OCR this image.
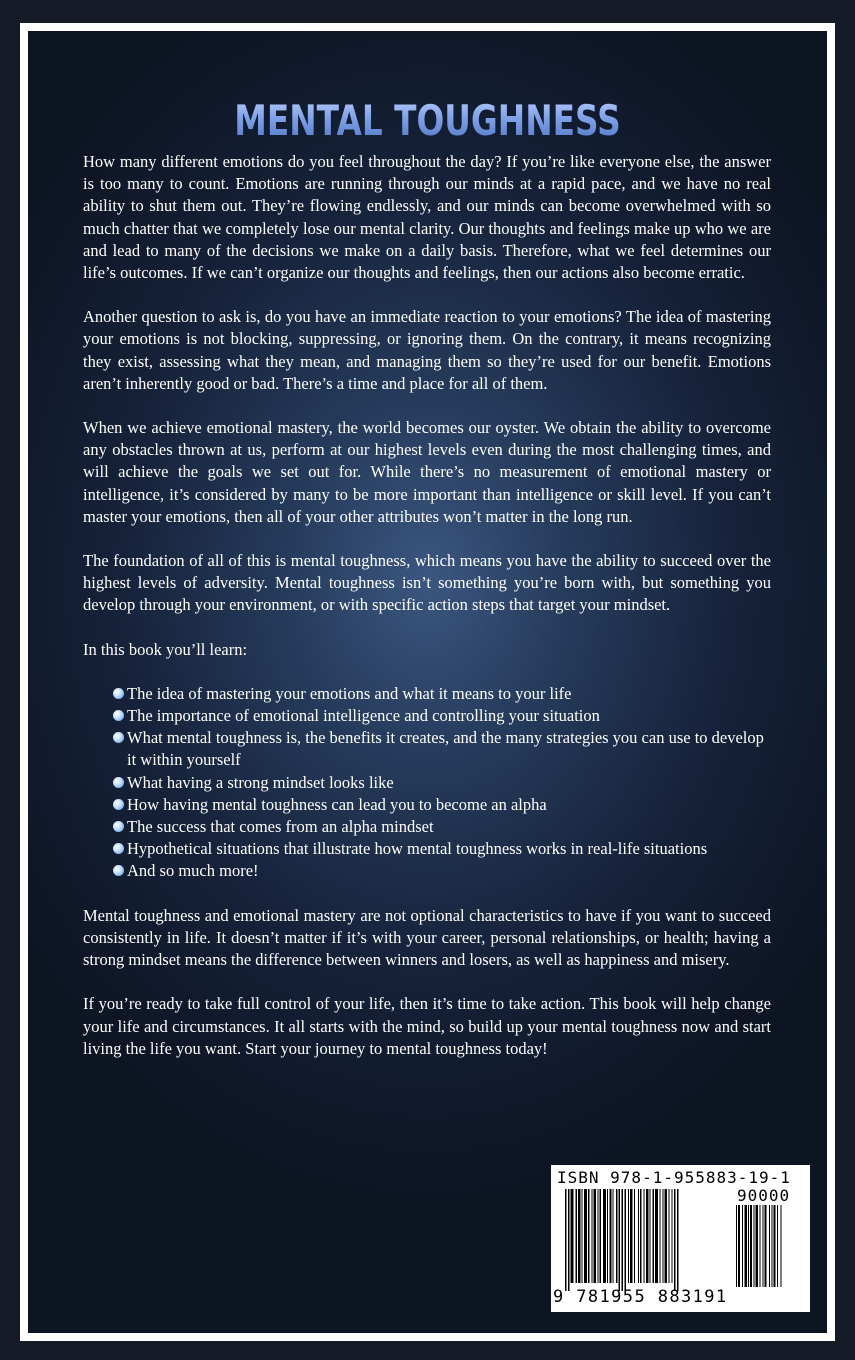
MENTAL TOUGHNESS

How many different emotions do you feel throughout the day? If you’re like everyone else, the answer is too many to count. Emotions are running through our minds at a rapid pace, and we have no real ability to shut them out. They’re flowing endlessly, and our minds can become overwhelmed with so much chatter that we completely lose our mental clarity. Our thoughts and feelings make up who we are and lead to many of the decisions we make on a daily basis. Therefore, what we feel determines our life’s outcomes. If we can’t organize our thoughts and feelings, then our actions also become erratic.

Another question to ask is, do you have an immediate reaction to your emotions? The idea of mastering your emotions is not blocking, suppressing, or ignoring them. On the contrary, it means recognizing they exist, assessing what they mean, and managing them so they’re used for our benefit. Emotions aren’t inherently good or bad. There’s a time and place for all of them.

When we achieve emotional mastery, the world becomes our oyster. We obtain the ability to overcome any obstacles thrown at us, perform at our highest levels even during the most challenging times, and will achieve the goals we set out for. While there’s no measurement of emotional mastery or intelligence, it’s considered by many to be more important than intelligence or skill level. If you can’t master your emotions, then all of your other attributes won’t matter in the long run.

The foundation of all of this is mental toughness, which means you have the ability to succeed over the highest levels of adversity. Mental toughness isn’t something you’re born with, but something you develop through your environment, or with specific action steps that target your mindset.

In this book you’ll learn:

The idea of mastering your emotions and what it means to your life
The importance of emotional intelligence and controlling your situation
What mental toughness is, the benefits it creates, and the many strategies you can use to develop it within yourself
What having a strong mindset looks like
How having mental toughness can lead you to become an alpha
The success that comes from an alpha mindset
Hypothetical situations that illustrate how mental toughness works in real-life situations
And so much more!

Mental toughness and emotional mastery are not optional characteristics to have if you want to succeed consistently in life. It doesn’t matter if it’s with your career, personal relationships, or health; having a strong mindset means the difference between winners and losers, as well as happiness and misery.

If you’re ready to take full control of your life, then it’s time to take action. This book will help change your life and circumstances. It all starts with the mind, so build up your mental toughness now and start living the life you want. Start your journey to mental toughness today!

ISBN 978-1-955883-19-1

90000

9 781955 883191
